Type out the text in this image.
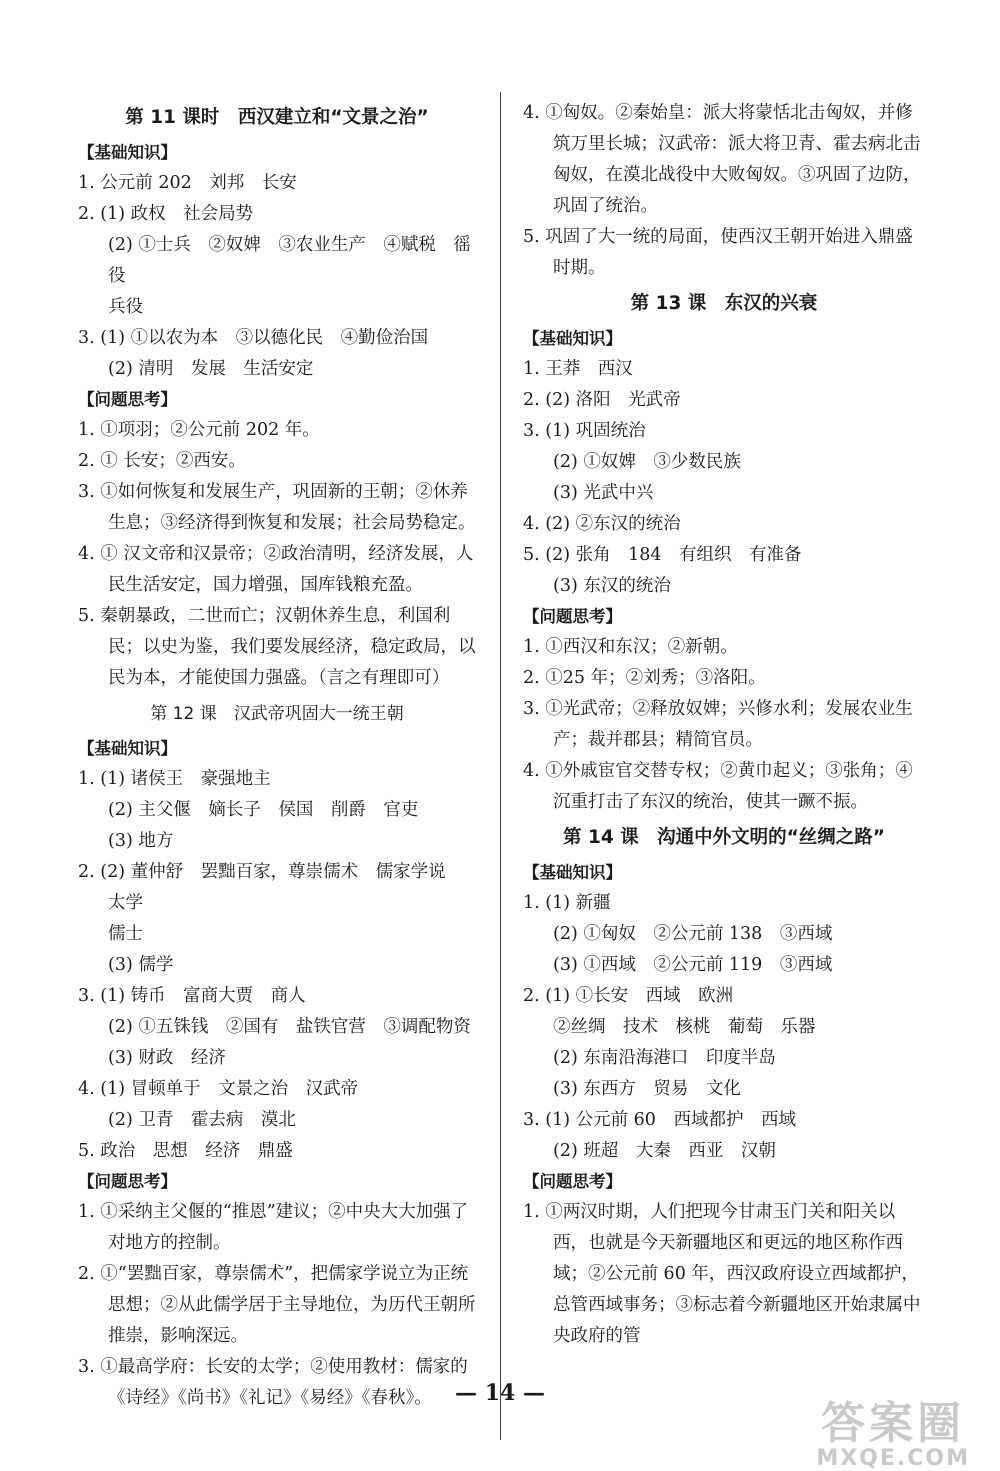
第 11 课时　西汉建立和“文景之治”
【基础知识】
1. 公元前 202　刘邦　长安
2. (1) 政权　社会局势
(2) ①士兵　②奴婢　③农业生产　④赋税　徭役
兵役
3. (1) ①以农为本　③以德化民　④勤俭治国
(2) 清明　发展　生活安定
【问题思考】
1. ①项羽；②公元前 202 年。
2. ① 长安；②西安。
3. ①如何恢复和发展生产，巩固新的王朝；②休养生息；③经济得到恢复和发展；社会局势稳定。
4. ① 汉文帝和汉景帝；②政治清明，经济发展，人民生活安定，国力增强，国库钱粮充盈。
5. 秦朝暴政，二世而亡；汉朝休养生息，利国利民；以史为鉴，我们要发展经济，稳定政局，以民为本，才能使国力强盛。（言之有理即可）
第 12 课　汉武帝巩固大一统王朝
【基础知识】
1. (1) 诸侯王　豪强地主
(2) 主父偃　嫡长子　侯国　削爵　官吏
(3) 地方
2. (2) 董仲舒　罢黜百家，尊崇儒术　儒家学说　太学
儒士
(3) 儒学
3. (1) 铸币　富商大贾　商人
(2) ①五铢钱　②国有　盐铁官营　③调配物资
(3) 财政　经济
4. (1) 冒顿单于　文景之治　汉武帝
(2) 卫青　霍去病　漠北
5. 政治　思想　经济　鼎盛
【问题思考】
1. ①采纳主父偃的“推恩”建议；②中央大大加强了对地方的控制。
2. ①“罢黜百家，尊崇儒术”，把儒家学说立为正统思想；②从此儒学居于主导地位，为历代王朝所推崇，影响深远。
3. ①最高学府：长安的太学；②使用教材：儒家的《诗经》《尚书》《礼记》《易经》《春秋》。
4. ①匈奴。②秦始皇：派大将蒙恬北击匈奴，并修筑万里长城；汉武帝：派大将卫青、霍去病北击匈奴，在漠北战役中大败匈奴。③巩固了边防，巩固了统治。
5. 巩固了大一统的局面，使西汉王朝开始进入鼎盛时期。
第 13 课　东汉的兴衰
【基础知识】
1. 王莽　西汉
2. (2) 洛阳　光武帝
3. (1) 巩固统治
(2) ①奴婢　③少数民族
(3) 光武中兴
4. (2) ②东汉的统治
5. (2) 张角　184　有组织　有准备
(3) 东汉的统治
【问题思考】
1. ①西汉和东汉；②新朝。
2. ①25 年；②刘秀；③洛阳。
3. ①光武帝；②释放奴婢；兴修水利；发展农业生产；裁并郡县；精简官员。
4. ①外戚宦官交替专权；②黄巾起义；③张角；④沉重打击了东汉的统治，使其一蹶不振。
第 14 课　沟通中外文明的“丝绸之路”
【基础知识】
1. (1) 新疆
(2) ①匈奴　②公元前 138　③西域
(3) ①西域　②公元前 119　③西域
2. (1) ①长安　西域　欧洲
②丝绸　技术　核桃　葡萄　乐器
(2) 东南沿海港口　印度半岛
(3) 东西方　贸易　文化
3. (1) 公元前 60　西域都护　西域
(2) 班超　大秦　西亚　汉朝
【问题思考】
1. ①两汉时期，人们把现今甘肃玉门关和阳关以西，也就是今天新疆地区和更远的地区称作西域；②公元前 60 年，西汉政府设立西域都护，总管西域事务；③标志着今新疆地区开始隶属中央政府的管
— 14 —
答案圈
MXQE.COM
